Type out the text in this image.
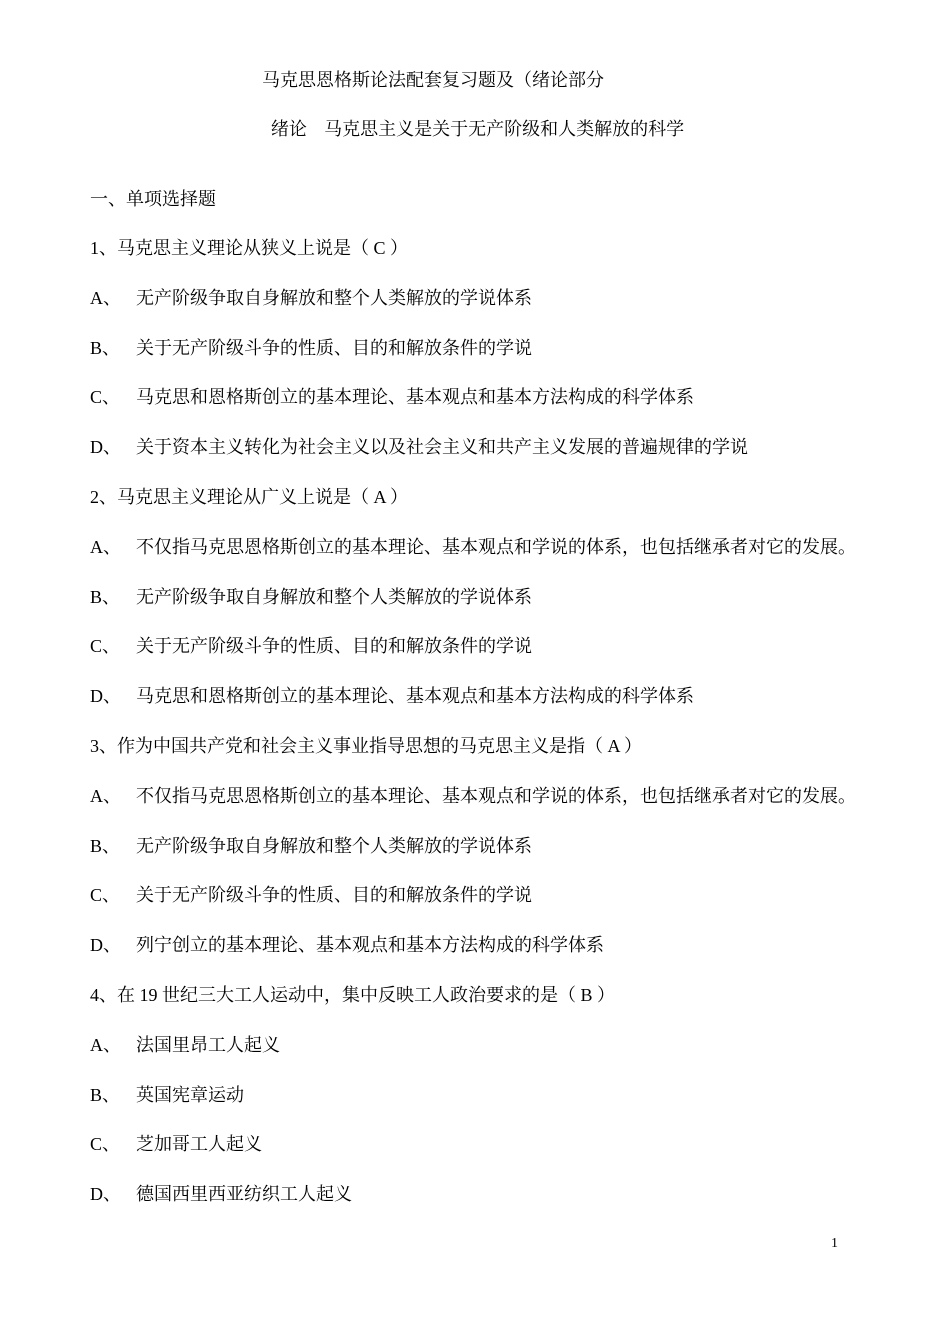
马克思恩格斯论法配套复习题及（绪论部分
绪论   马克思主义是关于无产阶级和人类解放的科学
一、单项选择题
1、马克思主义理论从狭义上说是（ C ）
A、 无产阶级争取自身解放和整个人类解放的学说体系
B、 关于无产阶级斗争的性质、目的和解放条件的学说
C、 马克思和恩格斯创立的基本理论、基本观点和基本方法构成的科学体系
D、 关于资本主义转化为社会主义以及社会主义和共产主义发展的普遍规律的学说
2、马克思主义理论从广义上说是（ A ）
A、 不仅指马克思恩格斯创立的基本理论、基本观点和学说的体系，也包括继承者对它的发展。
B、 无产阶级争取自身解放和整个人类解放的学说体系
C、 关于无产阶级斗争的性质、目的和解放条件的学说
D、 马克思和恩格斯创立的基本理论、基本观点和基本方法构成的科学体系
3、作为中国共产党和社会主义事业指导思想的马克思主义是指（ A ）
A、 不仅指马克思恩格斯创立的基本理论、基本观点和学说的体系，也包括继承者对它的发展。
B、 无产阶级争取自身解放和整个人类解放的学说体系
C、 关于无产阶级斗争的性质、目的和解放条件的学说
D、 列宁创立的基本理论、基本观点和基本方法构成的科学体系
4、在 19 世纪三大工人运动中，集中反映工人政治要求的是（ B ）
A、 法国里昂工人起义
B、 英国宪章运动
C、 芝加哥工人起义
D、 德国西里西亚纺织工人起义
1
